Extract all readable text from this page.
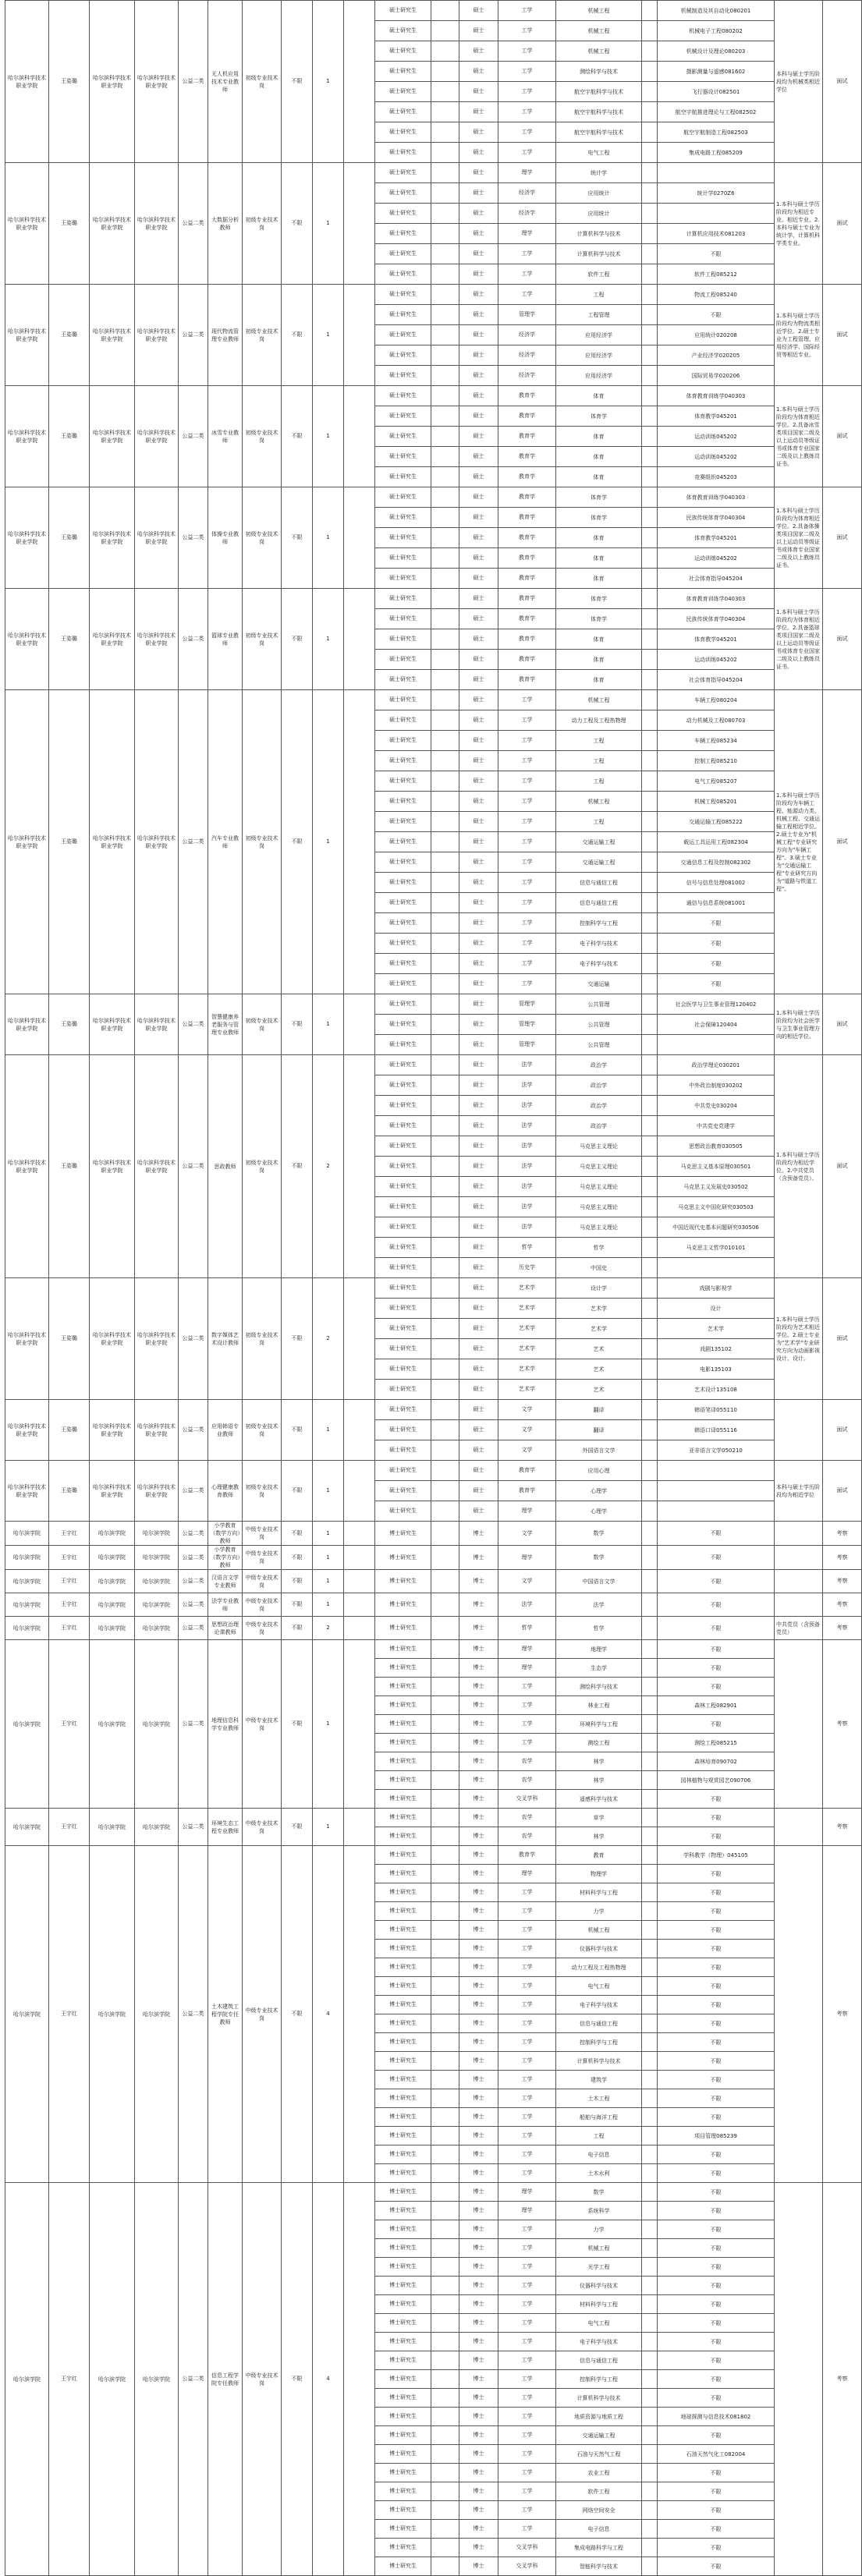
哈尔滨科学技术职业学院	王姿璐	哈尔滨科学技术职业学院	哈尔滨科学技术职业学院	公益二类	无人机应用技术专业教师	初级专业技术岗	不限	1		硕士研究生		硕士	工学	机械工程		机械制造及其自动化080201	本科与硕士学历阶段均为机械类相近学位	面试
										硕士研究生		硕士	工学	机械工程		机械电子工程080202		
										硕士研究生		硕士	工学	机械工程		机械设计及理论080203		
										硕士研究生		硕士	工学	测绘科学与技术		摄影测量与遥感081602		
										硕士研究生		硕士	工学	航空宇航科学与技术		飞行器设计082501		
										硕士研究生		硕士	工学	航空宇航科学与技术		航空宇航推进理论与工程082502		
										硕士研究生		硕士	工学	航空宇航科学与技术		航空宇航制造工程082503		
										硕士研究生		硕士	工学	电气工程		集成电路工程085209		
哈尔滨科学技术职业学院	王姿璐	哈尔滨科学技术职业学院	哈尔滨科学技术职业学院	公益二类	大数据分析教师	初级专业技术岗	不限	1		硕士研究生		硕士	理学	统计学			1.本科与硕士学历阶段均为相近专业。相近专业。2.本科与硕士专业为统计学、计算机科学类专业。	面试
										硕士研究生		硕士	经济学	应用统计		统计学0270Z6		
										硕士研究生		硕士	经济学	应用统计				
										硕士研究生		硕士	理学	计算机科学与技术		计算机应用技术081203		
										硕士研究生		硕士	工学	计算机科学与技术		不限		
										硕士研究生		硕士	工学	软件工程		软件工程085212		
哈尔滨科学技术职业学院	王姿璐	哈尔滨科学技术职业学院	哈尔滨科学技术职业学院	公益二类	现代物流管理专业教师	初级专业技术岗	不限	1		硕士研究生		硕士	工学	工程		物流工程085240	1.本科与硕士学历阶段均为物流类相近学位。2.硕士专业为工程管理、应用经济学、国际经贸等相近专业。	面试
										硕士研究生		硕士	管理学	工程管理		不限		
										硕士研究生		硕士	经济学	应用经济学		应用统计020208		
										硕士研究生		硕士	经济学	应用经济学		产业经济学020205		
										硕士研究生		硕士	经济学	应用经济学		国际贸易学020206		
哈尔滨科学技术职业学院	王姿璐	哈尔滨科学技术职业学院	哈尔滨科学技术职业学院	公益二类	冰雪专业教师	初级专业技术岗	不限	1		硕士研究生		硕士	教育学	体育		体育教育训练学040303	1.本科与硕士学历阶段均为体育相近学位。2.具备冰雪类项目国家二级及以上运动员等级证书或体育专业国家二级及以上教练员证书。	面试
										硕士研究生		硕士	教育学	体育学		体育教学045201		
										硕士研究生		硕士	教育学	体育		运动训练045202		
										硕士研究生		硕士	教育学	体育		运动训练045202		
										硕士研究生		硕士	教育学	体育		竞赛组织045203		
哈尔滨科学技术职业学院	王姿璐	哈尔滨科学技术职业学院	哈尔滨科学技术职业学院	公益二类	体操专业教师	初级专业技术岗	不限	1		硕士研究生		硕士	教育学	体育学		体育教育训练学040303	1.本科与硕士学历阶段均为体育相近学位。2.具备体操类项目国家二级及以上运动员等级证书或体育专业国家二级及以上教练员证书。	面试
										硕士研究生		硕士	教育学	体育学		民族传统体育学040304		
										硕士研究生		硕士	教育学	体育		体育教学045201		
										硕士研究生		硕士	教育学	体育		运动训练045202		
										硕士研究生		硕士	教育学	体育		社会体育指导045204		
哈尔滨科学技术职业学院	王姿璐	哈尔滨科学技术职业学院	哈尔滨科学技术职业学院	公益二类	篮球专业教师	初级专业技术岗	不限	1		硕士研究生		硕士	教育学	体育学		体育教育训练学040303	1.本科与硕士学历阶段均为体育相近学位。2.具备篮球类项目国家二级及以上运动员等级证书或体育专业国家二级及以上教练员证书。	面试
										硕士研究生		硕士	教育学	体育学		民族传统体育学040304		
										硕士研究生		硕士	教育学	体育		体育教学045201		
										硕士研究生		硕士	教育学	体育		运动训练045202		
										硕士研究生		硕士	教育学	体育		社会体育指导045204		
哈尔滨科学技术职业学院	王姿璐	哈尔滨科学技术职业学院	哈尔滨科学技术职业学院	公益二类	汽车专业教师	初级专业技术岗	不限	1		硕士研究生		硕士	工学	机械工程		车辆工程080204	1.本科与硕士学历阶段均为车辆工程、能源动力类、机械工程、交通运输工程相近学位。2.硕士专业为"机械工程"专业研究方向为"车辆工程"。3.硕士专业为"交通运输工程"专业研究方向为"道路与铁道工程"。	面试
										硕士研究生		硕士	工学	动力工程及工程热物理		动力机械及工程080703		
										硕士研究生		硕士	工学	工程		车辆工程085234		
										硕士研究生		硕士	工学	工程		控制工程085210		
										硕士研究生		硕士	工学	工程		电气工程085207		
										硕士研究生		硕士	工学	机械工程		机械工程085201		
										硕士研究生		硕士	工学	工程		交通运输工程085222		
										硕士研究生		硕士	工学	交通运输工程		载运工具运用工程082304		
										硕士研究生		硕士	工学	交通运输工程		交通信息工程及控制082302		
										硕士研究生		硕士	工学	信息与通信工程		信号与信息处理081002		
										硕士研究生		硕士	工学	信息与通信工程		通信与信息系统081001		
										硕士研究生		硕士	工学	控制科学与工程		不限		
										硕士研究生		硕士	工学	电子科学与技术		不限		
										硕士研究生		硕士	工学	电子科学与技术		不限		
										硕士研究生		硕士	工学	交通运输		不限		
哈尔滨科学技术职业学院	王姿璐	哈尔滨科学技术职业学院	哈尔滨科学技术职业学院	公益二类	智慧健康养老服务与管理专业教师	初级专业技术岗	不限	1		硕士研究生		硕士	管理学	公共管理		社会医学与卫生事业管理120402	1.本科与硕士学历阶段均为社会医学与卫生事业管理方向的相近学位。	面试
										硕士研究生		硕士	管理学	公共管理		社会保障120404		
										硕士研究生		硕士	管理学	公共管理				
哈尔滨科学技术职业学院	王姿璐	哈尔滨科学技术职业学院	哈尔滨科学技术职业学院	公益二类	思政教师	初级专业技术岗	不限	2		硕士研究生		硕士	法学	政治学		政治学理论030201	1.本科与硕士学历阶段均为相近学位。2.中共党员（含预备党员）。	面试
										硕士研究生		硕士	法学	政治学		中外政治制度030202		
										硕士研究生		硕士	法学	政治学		中共党史030204		
										硕士研究生		硕士	法学	政治学		中共党史党建学		
										硕士研究生		硕士	法学	马克思主义理论		思想政治教育030505		
										硕士研究生		硕士	法学	马克思主义理论		马克思主义基本原理030501		
										硕士研究生		硕士	法学	马克思主义理论		马克思主义发展史030502		
										硕士研究生		硕士	法学	马克思主义理论		马克思主义中国化研究030503		
										硕士研究生		硕士	法学	马克思主义理论		中国近现代史基本问题研究030506		
										硕士研究生		硕士	哲学	哲学		马克思主义哲学010101		
										硕士研究生		硕士	历史学	中国史				
哈尔滨科学技术职业学院	王姿璐	哈尔滨科学技术职业学院	哈尔滨科学技术职业学院	公益二类	数字媒体艺术设计教师	初级专业技术岗	不限	2		硕士研究生		硕士	艺术学	设计学		戏剧与影视学	1.本科与硕士学历阶段均为艺术相近学位。2.硕士专业为"艺术学"专业研究方向为动画影视设计、设计。	面试
										硕士研究生		硕士	艺术学	艺术学		设计		
										硕士研究生		硕士	艺术学	艺术学		艺术学		
										硕士研究生		硕士	艺术学	艺术		戏剧135102		
										硕士研究生		硕士	艺术学	艺术		电影135103		
										硕士研究生		硕士	艺术学	艺术		艺术设计135108		
哈尔滨科学技术职业学院	王姿璐	哈尔滨科学技术职业学院	哈尔滨科学技术职业学院	公益二类	应用韩语专业教师	初级专业技术岗	不限	1		硕士研究生		硕士	文学	翻译		韩语笔译055110		面试
										硕士研究生		硕士	文学	翻译		韩语口译055116		
										硕士研究生		硕士	文学	外国语言文学		亚非语言文学050210		
哈尔滨科学技术职业学院	王姿璐	哈尔滨科学技术职业学院	哈尔滨科学技术职业学院	公益二类	心理健康教育教师	初级专业技术岗	不限	1		硕士研究生		硕士	教育学	应用心理			本科与硕士学历阶段均为相近学位	面试
										硕士研究生		硕士	教育学	心理学				
										硕士研究生		硕士	理学	心理学				
哈尔滨学院	王宇红	哈尔滨学院	哈尔滨学院	公益二类	小学教育（数学方向）教师	中级专业技术岗	不限	1		博士研究生		博士	文学	数学		不限		考察
哈尔滨学院	王宇红	哈尔滨学院	哈尔滨学院	公益二类	小学教育（数学方向）教师	中级专业技术岗	不限	1		博士研究生		博士	理学	数学		不限		考察
哈尔滨学院	王宇红	哈尔滨学院	哈尔滨学院	公益二类	汉语言文学专业教师	中级专业技术岗	不限	1		博士研究生		博士	文学	中国语言文学		不限		考察
哈尔滨学院	王宇红	哈尔滨学院	哈尔滨学院	公益二类	法学专业教师	中级专业技术岗	不限	1		博士研究生		博士	法学	法学		不限		考察
哈尔滨学院	王宇红	哈尔滨学院	哈尔滨学院	公益二类	思想政治理论课教师	中级专业技术岗	不限	2		博士研究生		博士	哲学	哲学		不限	中共党员（含预备党员）	考察
哈尔滨学院	王宇红	哈尔滨学院	哈尔滨学院	公益二类	地理信息科学专业教师	中级专业技术岗	不限	1		博士研究生		博士	理学	地理学		不限		考察
										博士研究生		博士	理学	生态学		不限		
										博士研究生		博士	工学	测绘科学与技术		不限		
										博士研究生		博士	工学	林业工程		森林工程082901		
										博士研究生		博士	工学	环境科学与工程		不限		
										博士研究生		博士	工学	测绘工程		测绘工程085215		
										博士研究生		博士	农学	林学		森林培育090702		
										博士研究生		博士	农学	林学		园林植物与观赏园艺090706		
										博士研究生		博士	交叉学科	遥感科学与技术		不限		
哈尔滨学院	王宇红	哈尔滨学院	哈尔滨学院	公益二类	环境生态工程专业教师	中级专业技术岗	不限	1		博士研究生		博士	农学	草学		不限		考察
										博士研究生		博士	农学	林学		不限		
哈尔滨学院	王宇红	哈尔滨学院	哈尔滨学院	公益二类	土木建筑工程学院专任教师	中级专业技术岗	不限	4		博士研究生		博士	教育学	教育		学科教学（物理）045105		考察
										博士研究生		博士	理学	物理学		不限		
										博士研究生		博士	工学	材料科学与工程		不限		
										博士研究生		博士	工学	力学		不限		
										博士研究生		博士	工学	机械工程		不限		
										博士研究生		博士	工学	仪器科学与技术		不限		
										博士研究生		博士	工学	动力工程及工程热物理		不限		
										博士研究生		博士	工学	电气工程		不限		
										博士研究生		博士	工学	电子科学与技术		不限		
										博士研究生		博士	工学	信息与通信工程		不限		
										博士研究生		博士	工学	控制科学与工程		不限		
										博士研究生		博士	工学	计算机科学与技术		不限		
										博士研究生		博士	工学	建筑学		不限		
										博士研究生		博士	工学	土木工程		不限		
										博士研究生		博士	工学	船舶与海洋工程		不限		
										博士研究生		博士	工学	工程		项目管理085239		
										博士研究生		博士	工学	电子信息		不限		
										博士研究生		博士	工学	土木水利		不限		
哈尔滨学院	王宇红	哈尔滨学院	哈尔滨学院	公益二类	信息工程学院专任教师	中级专业技术岗	不限	4		博士研究生		博士	理学	数学		不限		考察
										博士研究生		博士	理学	系统科学		不限		
										博士研究生		博士	工学	力学		不限		
										博士研究生		博士	工学	机械工程		不限		
										博士研究生		博士	工学	光学工程		不限		
										博士研究生		博士	工学	仪器科学与技术		不限		
										博士研究生		博士	工学	材料科学与工程		不限		
										博士研究生		博士	工学	电气工程		不限		
										博士研究生		博士	工学	电子科学与技术		不限		
										博士研究生		博士	工学	信息与通信工程		不限		
										博士研究生		博士	工学	控制科学与工程		不限		
										博士研究生		博士	工学	计算机科学与技术		不限		
										博士研究生		博士	工学	地质资源与地质工程		地球探测与信息技术081802		
										博士研究生		博士	工学	交通运输工程		不限		
										博士研究生		博士	工学	石油与天然气工程		石油天然气化工082004		
										博士研究生		博士	工学	农业工程		不限		
										博士研究生		博士	工学	软件工程		不限		
										博士研究生		博士	工学	网络空间安全		不限		
										博士研究生		博士	工学	电子信息		不限		
										博士研究生		博士	交叉学科	集成电路科学与工程		不限		
										博士研究生		博士	交叉学科	智能科学与技术		不限		
